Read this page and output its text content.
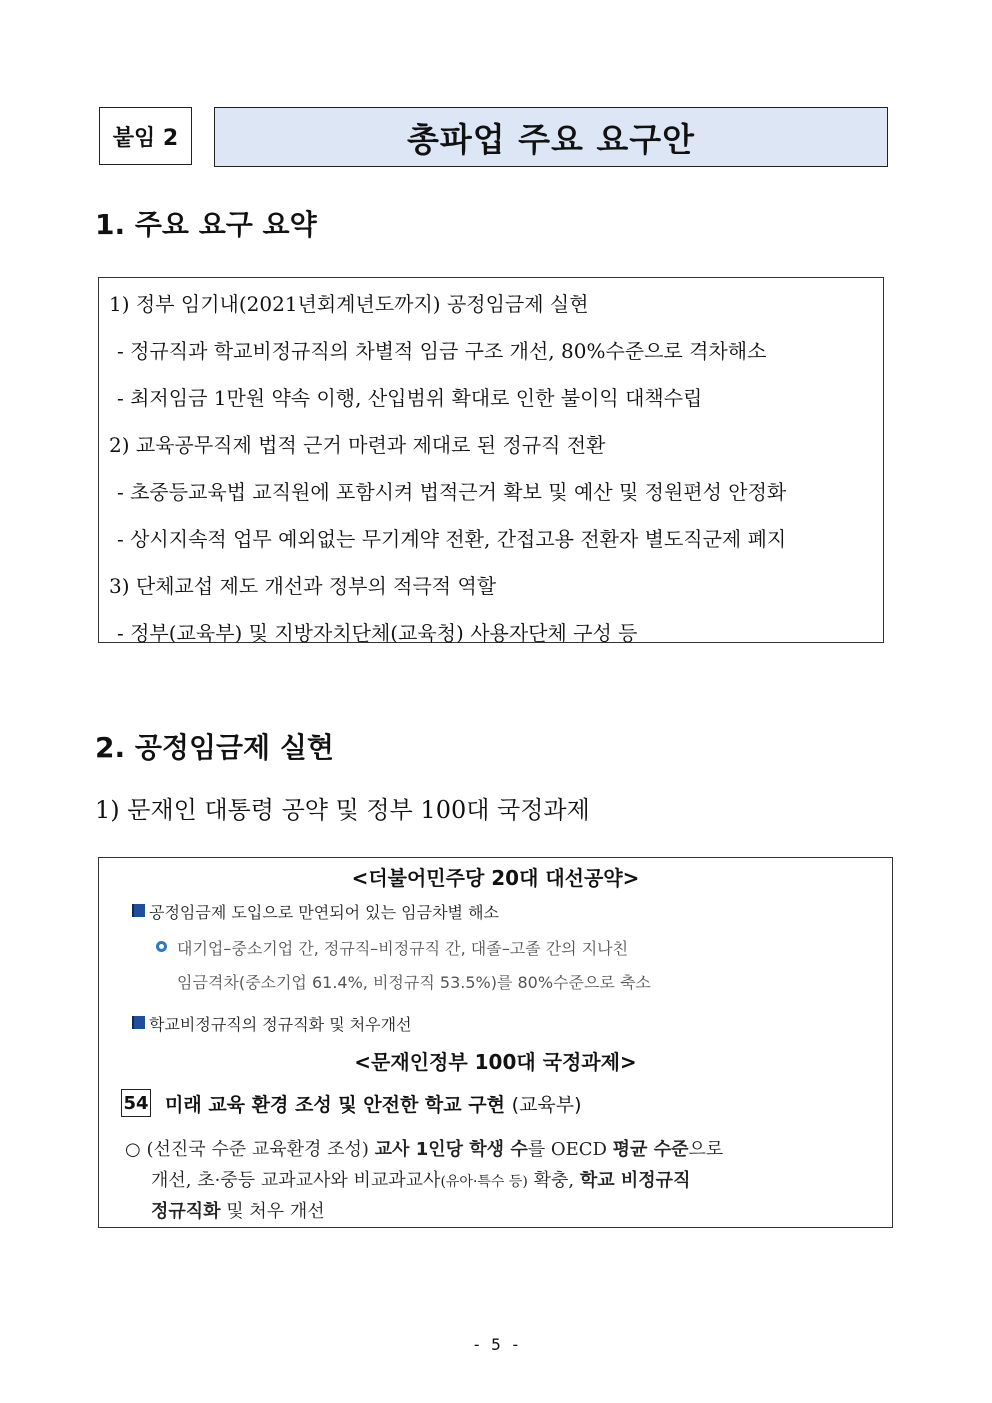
붙임 2	총파업 주요 요구안
1. 주요 요구 요약
1) 정부 임기내(2021년회계년도까지) 공정임금제 실현
- 정규직과 학교비정규직의 차별적 임금 구조 개선, 80%수준으로 격차해소
- 최저임금 1만원 약속 이행, 산입범위 확대로 인한 불이익 대책수립
2) 교육공무직제 법적 근거 마련과 제대로 된 정규직 전환
- 초중등교육법 교직원에 포함시켜 법적근거 확보 및 예산 및 정원편성 안정화
- 상시지속적 업무 예외없는 무기계약 전환, 간접고용 전환자 별도직군제 폐지
3) 단체교섭 제도 개선과 정부의 적극적 역할
- 정부(교육부) 및 지방자치단체(교육청) 사용자단체 구성 등
2. 공정임금제 실현
1) 문재인 대통령 공약 및 정부 100대 국정과제
<더불어민주당 20대 대선공약>
공정임금제 도입으로 만연되어 있는 임금차별 해소
대기업–중소기업 간, 정규직–비정규직 간, 대졸–고졸 간의 지나친
임금격차(중소기업 61.4%, 비정규직 53.5%)를 80%수준으로 축소
학교비정규직의 정규직화 및 처우개선
<문재인정부 100대 국정과제>
54 미래 교육 환경 조성 및 안전한 학교 구현 (교육부)
○ (선진국 수준 교육환경 조성) 교사 1인당 학생 수를 OECD 평균 수준으로
개선, 초·중등 교과교사와 비교과교사(유아·특수 등) 확충, 학교 비정규직
정규직화 및 처우 개선
- 5 -
